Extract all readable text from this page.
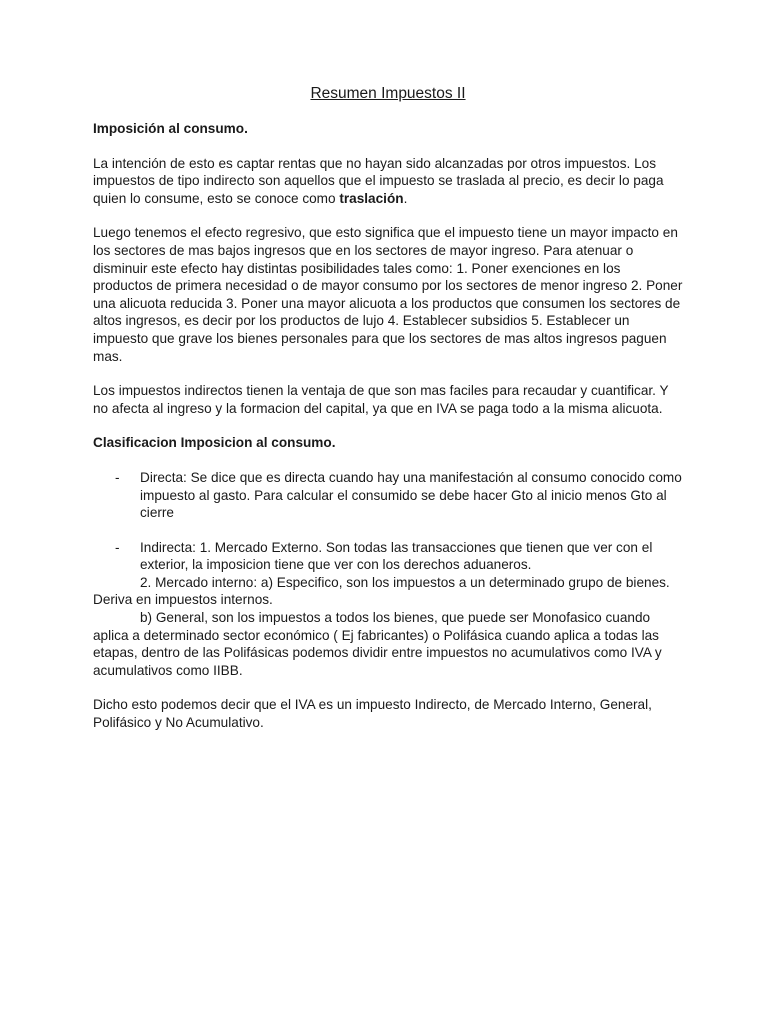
Resumen Impuestos II
Imposición al consumo.

La intención de esto es captar rentas que no hayan sido alcanzadas por otros impuestos. Los impuestos de tipo indirecto son aquellos que el impuesto se traslada al precio, es decir lo paga quien lo consume, esto se conoce como traslación.

Luego tenemos el efecto regresivo, que esto significa que el impuesto tiene un mayor impacto en los sectores de mas bajos ingresos que en los sectores de mayor ingreso. Para atenuar o disminuir este efecto hay distintas posibilidades tales como: 1. Poner exenciones en los productos de primera necesidad o de mayor consumo por los sectores de menor ingreso 2. Poner una alicuota reducida 3. Poner una mayor alicuota a los productos que consumen los sectores de altos ingresos, es decir por los productos de lujo 4. Establecer subsidios 5. Establecer un impuesto que grave los bienes personales para que los sectores de mas altos ingresos paguen mas.

Los impuestos indirectos tienen la ventaja de que son mas faciles para recaudar y cuantificar. Y no afecta al ingreso y la formacion del capital, ya que en IVA se paga todo a la misma alicuota.

Clasificacion Imposicion al consumo.
- Directa: Se dice que es directa cuando hay una manifestación al consumo conocido como impuesto al gasto. Para calcular el consumido se debe hacer Gto al inicio menos Gto al cierre
- Indirecta: 1. Mercado Externo. Son todas las transacciones que tienen que ver con el exterior, la imposicion tiene que ver con los derechos aduaneros.
2. Mercado interno: a) Especifico, son los impuestos a un determinado grupo de bienes. Deriva en impuestos internos.
b) General, son los impuestos a todos los bienes, que puede ser Monofasico cuando aplica a determinado sector económico ( Ej fabricantes) o Polifásica cuando aplica a todas las etapas, dentro de las Polifásicas podemos dividir entre impuestos no acumulativos como IVA y acumulativos como IIBB.

Dicho esto podemos decir que el IVA es un impuesto Indirecto, de Mercado Interno, General, Polifásico y No Acumulativo.
